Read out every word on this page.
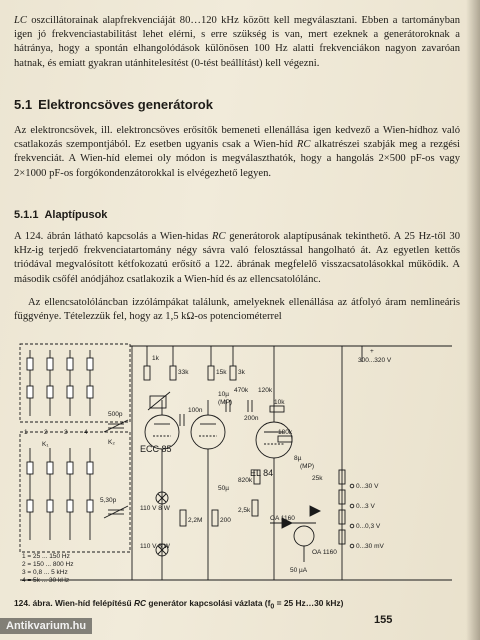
LC oszcillátorainak alapfrekvenciáját 80…120 kHz között kell megválasztani. Ebben a tartományban igen jó frekvenciastabilitást lehet elérni, s erre szükség is van, mert ezeknek a generátoroknak a hátránya, hogy a spontán elhangolódások különösen 100 Hz alatti frekvenciákon nagyon zavaróan hatnak, és emiatt gyakran utánhitelesítést (0-tést beállítást) kell végezni.

5.1 Elektroncsöves generátorok

Az elektroncsövek, ill. elektroncsöves erősítők bemeneti ellenállása igen kedvező a Wien-hídhoz való csatlakozás szempontjából. Ez esetben ugyanis csak a Wien-híd RC alkatrészei szabják meg a rezgési frekvenciát. A Wien-híd elemei oly módon is megválaszthatók, hogy a hangolás 2×500 pF-os vagy 2×1000 pF-os forgókondenzátorokkal is elvégezhető legyen.

5.1.1 Alaptípusok

A 124. ábrán látható kapcsolás a Wien-hidas RC generátorok alaptípusának tekinthető. A 25 Hz-től 30 kHz-ig terjedő frekvenciatartomány négy sávra való felosztással hangolható át. Az egyetlen kettős triódával megvalósított kétfokozatú erősítő a 122. ábrának megfelelő visszacsatolásokkal működik. A második csőfél anódjához csatlakozik a Wien-híd és az ellencsatolólánc.

Az ellencsatolóláncban izzólámpákat találunk, amelyeknek ellenállása az átfolyó áram nemlineáris függvénye. Tételezzük fel, hogy az 1,5 kΩ-os potenciométerrel

ECC 85
EL 84
300...320 V
+
OA 1160
OA 1160
50 µA
110 V 8 W
110 V 8 W
1k
33k	15k 3k
2,2M	200
470k 120k
10k
180k
820k
2,5k
25k
100n
10µ
200n
50µ
500p
5,30p
8µ
(MP)
(MP)
K₁	K₂
0...30 V
0...3 V
0...0,3 V
0...30 mV
1 = 25 ... 150 Hz
2 = 150 ... 800 Hz
3 = 0,8 ... 5 kHz
4 = 5k ... 30 kHz
1	2	3	4

124. ábra. Wien-híd felépítésű RC generátor kapcsolási vázlata ($f_0 = 25$ Hz…30 kHz)

155
Antikvarium.hu
